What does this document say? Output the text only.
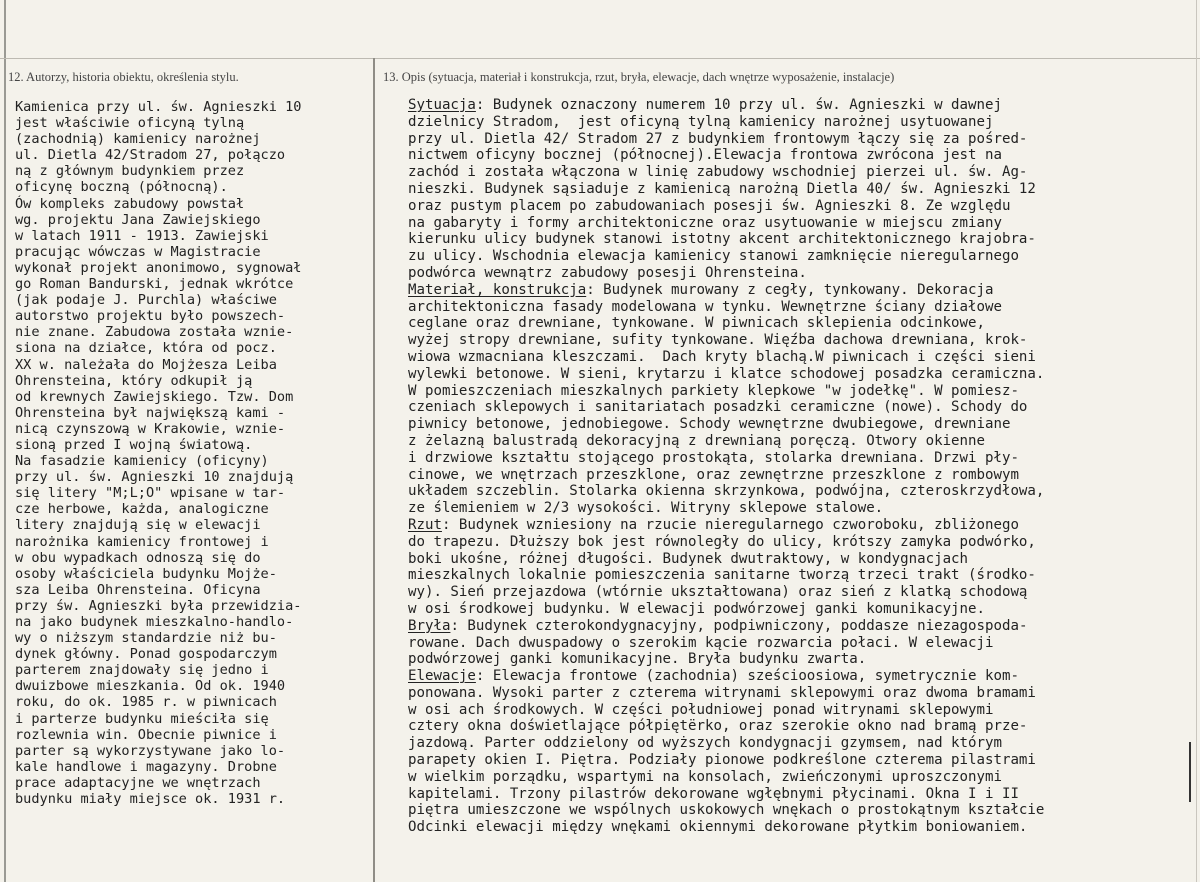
12. Autorzy, historia obiektu, określenia stylu.	13. Opis (sytuacja, materiał i konstrukcja, rzut, bryła, elewacje, dach wnętrze wyposażenie, instalacje)
Kamienica przy ul. św. Agnieszki 10
jest właściwie oficyną tylną
(zachodnią) kamienicy narożnej
ul. Dietla 42/Stradom 27, połączo
ną z głównym budynkiem przez
oficynę boczną (północną).
Ów kompleks zabudowy powstał
wg. projektu Jana Zawiejskiego
w latach 1911 - 1913. Zawiejski
pracując wówczas w Magistracie
wykonał projekt anonimowo, sygnował
go Roman Bandurski, jednak wkrótce
(jak podaje J. Purchla) właściwe
autorstwo projektu było powszech-
nie znane. Zabudowa została wznie-
siona na działce, która od pocz.
XX w. należała do Mojżesza Leiba
Ohrensteina, który odkupił ją
od krewnych Zawiejskiego. Tzw. Dom
Ohrensteina był największą kami -
nicą czynszową w Krakowie, wznie-
sioną przed I wojną światową.
Na fasadzie kamienicy (oficyny)
przy ul. św. Agnieszki 10 znajdują
się litery "M;L;O" wpisane w tar-
cze herbowe, każda, analogiczne
litery znajdują się w elewacji
narożnika kamienicy frontowej i
w obu wypadkach odnoszą się do
osoby właściciela budynku Mojże-
sza Leiba Ohrensteina. Oficyna
przy św. Agnieszki była przewidzia-
na jako budynek mieszkalno-handlo-
wy o niższym standardzie niż bu-
dynek główny. Ponad gospodarczym
parterem znajdowały się jedno i
dwuizbowe mieszkania. Od ok. 1940
roku, do ok. 1985 r. w piwnicach
i parterze budynku mieściła się
rozlewnia win. Obecnie piwnice i
parter są wykorzystywane jako lo-
kale handlowe i magazyny. Drobne
prace adaptacyjne we wnętrzach
budynku miały miejsce ok. 1931 r.
Sytuacja: Budynek oznaczony numerem 10 przy ul. św. Agnieszki w dawnej
dzielnicy Stradom,  jest oficyną tylną kamienicy narożnej usytuowanej
przy ul. Dietla 42/ Stradom 27 z budynkiem frontowym łączy się za pośred-
nictwem oficyny bocznej (północnej).Elewacja frontowa zwrócona jest na
zachód i została włączona w linię zabudowy wschodniej pierzei ul. św. Ag-
nieszki. Budynek sąsiaduje z kamienicą narożną Dietla 40/ św. Agnieszki 12
oraz pustym placem po zabudowaniach posesji św. Agnieszki 8. Ze względu
na gabaryty i formy architektoniczne oraz usytuowanie w miejscu zmiany
kierunku ulicy budynek stanowi istotny akcent architektonicznego krajobra-
zu ulicy. Wschodnia elewacja kamienicy stanowi zamknięcie nieregularnego
podwórca wewnątrz zabudowy posesji Ohrensteina.
Materiał, konstrukcja: Budynek murowany z cegły, tynkowany. Dekoracja
architektoniczna fasady modelowana w tynku. Wewnętrzne ściany działowe
ceglane oraz drewniane, tynkowane. W piwnicach sklepienia odcinkowe,
wyżej stropy drewniane, sufity tynkowane. Więźba dachowa drewniana, krok-
wiowa wzmacniana kleszczami.  Dach kryty blachą.W piwnicach i części sieni
wylewki betonowe. W sieni, krytarzu i klatce schodowej posadzka ceramiczna.
W pomieszczeniach mieszkalnych parkiety klepkowe "w jodełkę". W pomiesz-
czeniach sklepowych i sanitariatach posadzki ceramiczne (nowe). Schody do
piwnicy betonowe, jednobiegowe. Schody wewnętrzne dwubiegowe, drewniane
z żelazną balustradą dekoracyjną z drewnianą poręczą. Otwory okienne
i drzwiowe kształtu stojącego prostokąta, stolarka drewniana. Drzwi pły-
cinowe, we wnętrzach przeszklone, oraz zewnętrzne przeszklone z rombowym
układem szczeblin. Stolarka okienna skrzynkowa, podwójna, czteroskrzydłowa,
ze ślemieniem w 2/3 wysokości. Witryny sklepowe stalowe.
Rzut: Budynek wzniesiony na rzucie nieregularnego czworoboku, zbliżonego
do trapezu. Dłuższy bok jest równoległy do ulicy, krótszy zamyka podwórko,
boki ukośne, różnej długości. Budynek dwutraktowy, w kondygnacjach
mieszkalnych lokalnie pomieszczenia sanitarne tworzą trzeci trakt (środko-
wy). Sień przejazdowa (wtórnie ukształtowana) oraz sień z klatką schodową
w osi środkowej budynku. W elewacji podwórzowej ganki komunikacyjne.
Bryła: Budynek czterokondygnacyjny, podpiwniczony, poddasze niezagospoda-
rowane. Dach dwuspadowy o szerokim kącie rozwarcia połaci. W elewacji
podwórzowej ganki komunikacyjne. Bryła budynku zwarta.
Elewacje: Elewacja frontowe (zachodnia) sześcioosiowa, symetrycznie kom-
ponowana. Wysoki parter z czterema witrynami sklepowymi oraz dwoma bramami
w osi ach środkowych. W części południowej ponad witrynami sklepowymi
cztery okna doświetlające półpiętërko, oraz szerokie okno nad bramą prze-
jazdową. Parter oddzielony od wyższych kondygnacji gzymsem, nad którym
parapety okien I. Piętra. Podziały pionowe podkreślone czterema pilastrami
w wielkim porządku, wspartymi na konsolach, zwieńczonymi uproszczonymi
kapitelami. Trzony pilastrów dekorowane wgłębnymi płycinami. Okna I i II
piętra umieszczone we wspólnych uskokowych wnękach o prostokątnym kształcie
Odcinki elewacji między wnękami okiennymi dekorowane płytkim boniowaniem.
